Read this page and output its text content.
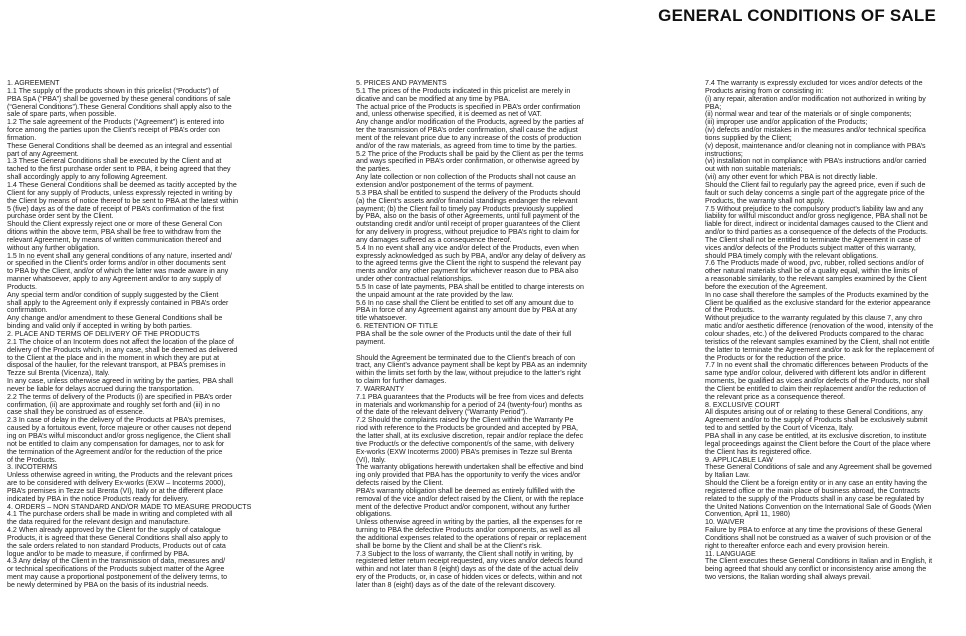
GENERAL CONDITIONS OF SALE
1. AGREEMENT
1.1 The supply of the products shown in this pricelist (“Products”) of
PBA SpA (“PBA”) shall be governed by these general conditions of sale
(“General Conditions”).These General Conditions shall apply also to the
sale of spare parts, when possible.
1.2 The sale agreement of the Products (“Agreement”) is entered into
force among the parties upon the Client’s receipt of PBA’s order con
firmation.
These General Conditions shall be deemed as an integral and essential
part of any Agreement.
1.3 These General Conditions shall be executed by the Client and at
tached to the first purchase order sent to PBA, it being agreed that they
shall accordingly apply to any following Agreement.
1.4 These General Conditions shall be deemed as tacitly accepted by the
Client for any supply of Products, unless expressly rejected in writing by
the Client by means of notice thereof to be sent to PBA at the latest within
5 (five) days as of the date of receipt of PBA’s confirmation of the first
purchase order sent by the Client.
Should the Client expressly reject one or more of these General Con
ditions within the above term, PBA shall be free to withdraw from the
relevant Agreement, by means of written communication thereof and
without any further obligation.
1.5 In no event shall any general conditions of any nature, inserted and/
or specified in the Client’s order forms and/or in other documents sent
to PBA by the Client, and/or of which the latter was made aware in any
manner whatsoever, apply to any Agreement and/or to any supply of
Products.
Any special term and/or condition of supply suggested by the Client
shall apply to the Agreement only if expressly contained in PBA’s order
confirmation.
Any change and/or amendment to these General Conditions shall be
binding and valid only if accepted in writing by both parties.
2. PLACE AND TERMS OF DELIVERY OF THE PRODUCTS
2.1 The choice of an Incoterm does not affect the location of the place of
delivery of the Products which, in any case, shall be deemed as delivered
to the Client at the place and in the moment in which they are put at
disposal of the haulier, for the relevant transport, at PBA’s premises in
Tezze sul Brenta (Vicenza), Italy.
In any case, unless otherwise agreed in writing by the parties, PBA shall
never be liable for delays accrued during the transportation.
2.2 The terms of delivery of the Products (i) are specified in PBA’s order
confirmation, (ii) are approximate and roughly set forth and (iii) in no
case shall they be construed as of essence.
2.3 In case of delay in the delivery of the Products at PBA’s premises,
caused by a fortuitous event, force majeure or other causes not depend
ing on PBA’s wilful misconduct and/or gross negligence, the Client shall
not be entitled to claim any compensation for damages, nor to ask for
the termination of the Agreement and/or for the reduction of the price
of the Products.
3. INCOTERMS
Unless otherwise agreed in writing, the Products and the relevant prices
are to be considered with delivery Ex-works (EXW – Incoterms 2000),
PBA’s premises in Tezze sul Brenta (VI), Italy or at the different place
indicated by PBA in the notice Products ready for delivery.
4. ORDERS – NON STANDARD AND/OR MADE TO MEASURE PRODUCTS
4.1 The purchase orders shall be made in writing and completed with all
the data required for the relevant design and manufacture.
4.2 When already approved by the Client for the supply of catalogue
Products, it is agreed that these General Conditions shall also apply to
the sale orders related to non standard Products, Products out of cata
logue and/or to be made to measure, if confirmed by PBA.
4.3 Any delay of the Client in the transmission of data, measures and/
or technical specifications of the Products subject matter of the Agree
ment may cause a proportional postponement of the delivery terms, to
be newly determined by PBA on the basis of its industrial needs.
5. PRICES AND PAYMENTS
5.1 The prices of the Products indicated in this pricelist are merely in
dicative and can be modified at any time by PBA.
The actual price of the Products is specified in PBA’s order confirmation
and, unless otherwise specified, it is deemed as net of VAT.
Any change and/or modification of the Products, agreed by the parties af
ter the transmission of PBA’s order confirmation, shall cause the adjust
ment of the relevant price due to any increase of the costs of production
and/or of the raw materials, as agreed from time to time by the parties.
5.2 The price of the Products shall be paid by the Client as per the terms
and ways specified in PBA’s order confirmation, or otherwise agreed by
the parties.
Any late collection or non collection of the Products shall not cause an
extension and/or postponement of the terms of payment.
5.3 PBA shall be entitled to suspend the delivery of the Products should
(a) the Client’s assets and/or financial standings endanger the relevant
payment; (b) the Client fail to timely pay Products previously supplied
by PBA, also on the basis of other Agreements, until full payment of the
outstanding credit and/or until receipt of proper guarantees of the Client
for any delivery in progress, without prejudice to PBA’s right to claim for
any damages suffered as a consequence thereof.
5.4 In no event shall any vice and/or defect of the Products, even when
expressly acknowledged as such by PBA, and/or any delay of delivery as
to the agreed terms give the Client the right to suspend the relevant pay
ments and/or any other payment for whichever reason due to PBA also
under other contractual relationships.
5.5 In case of late payments, PBA shall be entitled to charge interests on
the unpaid amount at the rate provided by the law.
5.6 In no case shall the Client be entitled to set off any amount due to
PBA in force of any Agreement against any amount due by PBA at any
title whatsoever.
6. RETENTION OF TITLE
PBA shall be the sole owner of the Products until the date of their full
payment.
Should the Agreement be terminated due to the Client’s breach of con
tract, any Client’s advance payment shall be kept by PBA as an indemnity
within the limits set forth by the law, without prejudice to the latter’s right
to claim for further damages.
7. WARRANTY
7.1 PBA guarantees that the Products will be free from vices and defects
in materials and workmanship for a period of 24 (twenty-four) months as
of the date of the relevant delivery (“Warranty Period”).
7.2 Should the complaints raised by the Client within the Warranty Pe
riod with reference to the Products be grounded and accepted by PBA,
the latter shall, at its exclusive discretion, repair and/or replace the defec
tive Product/s or the defective component/s of the same, with delivery
Ex-works (EXW Incoterms 2000) PBA’s premises in Tezze sul Brenta
(VI), Italy.
The warranty obligations herewith undertaken shall be effective and bind
ing only provided that PBA has the opportunity to verify the vices and/or
defects raised by the Client.
PBA’s warranty obligation shall be deemed as entirely fulfilled with the
removal of the vice and/or defect raised by the Client, or with the replace
ment of the defective Product and/or component, without any further
obligations.
Unless otherwise agreed in writing by the parties, all the expenses for re
turning to PBA the defective Products and/or components, as well as all
the additional expenses related to the operations of repair or replacement
shall be borne by the Client and shall be at the Client’s risk.
7.3 Subject to the loss of warranty, the Client shall notify in writing, by
registered letter return receipt requested, any vices and/or defects found
within and not later than 8 (eight) days as of the date of the actual deliv
ery of the Products, or, in case of hidden vices or defects, within and not
later than 8 (eight) days as of the date of the relevant discovery.
7.4 The warranty is expressly excluded for vices and/or defects of the
Products arising from or consisting in:
(i) any repair, alteration and/or modification not authorized in writing by
PBA;
(ii) normal wear and tear of the materials or of single components;
(iii) improper use and/or application of the Products;
(iv) defects and/or mistakes in the measures and/or technical specifica
tions supplied by the Client;
(v) deposit, maintenance and/or cleaning not in compliance with PBA’s
instructions;
(vi) installation not in compliance with PBA’s instructions and/or carried
out with non suitable materials;
(vii) any other event for which PBA is not directly liable.
Should the Client fail to regularly pay the agreed price, even if such de
fault or such delay concerns a single part of the aggregate price of the
Products, the warranty shall not apply.
7.5 Without prejudice to the compulsory product’s liability law and any
liability for willful misconduct and/or gross negligence, PBA shall not be
liable for direct, indirect or incidental damages caused to the Client and
and/or to third parties as a consequence of the defects of the Products.
The Client shall not be entitled to terminate the Agreement in case of
vices and/or defects of the Products subject matter of this warranty,
should PBA timely comply with the relevant obligations.
7.6 The Products made of wood, pvc, rubber, rolled sections and/or of
other natural materials shall be of a quality equal, within the limits of
a reasonable similarity, to the relevant samples examined by the Client
before the execution of the Agreement.
In no case shall therefore the samples of the Products examined by the
Client be qualified as the exclusive standard for the exterior appearance
of the Products.
Without prejudice to the warranty regulated by this clause 7, any chro
matic and/or aesthetic difference (renovation of the wood, intensity of the
colour shades, etc.) of the delivered Products compared to the charac
teristics of the relevant samples examined by the Client, shall not entitle
the latter to terminate the Agreement and/or to ask for the replacement of
the Products or for the reduction of the price.
7.7 In no event shall the chromatic differences between Products of the
same type and/or colour, delivered with different lots and/or in different
moments, be qualified as vices and/or defects of the Products, nor shall
the Client be entitled to claim their replacement and/or the reduction of
the relevant price as a consequence thereof.
8. EXCLUSIVE COURT
All disputes arising out of or relating to these General Conditions, any
Agreement and/or to the supply of Products shall be exclusively submit
ted to and settled by the Court of Vicenza, Italy.
PBA shall in any case be entitled, at its exclusive discretion, to institute
legal proceedings against the Client before the Court of the place where
the Client has its registered office.
9. APPLICABLE LAW
These General Conditions of sale and any Agreement shall be governed
by Italian Law.
Should the Client be a foreign entity or in any case an entity having the
registered office or the main place of business abroad, the Contracts
related to the supply of the Products shall in any case be regulated by
the United Nations Convention on the International Sale of Goods (Wien
Convention, April 11, 1980)
10. WAIVER
Failure by PBA to enforce at any time the provisions of these General
Conditions shall not be construed as a waiver of such provision or of the
right to thereafter enforce each and every provision herein.
11. LANGUAGE
The Client executes these General Conditions in Italian and in English, it
being agreed that should any conflict or inconsistency arise among the
two versions, the Italian wording shall always prevail.
